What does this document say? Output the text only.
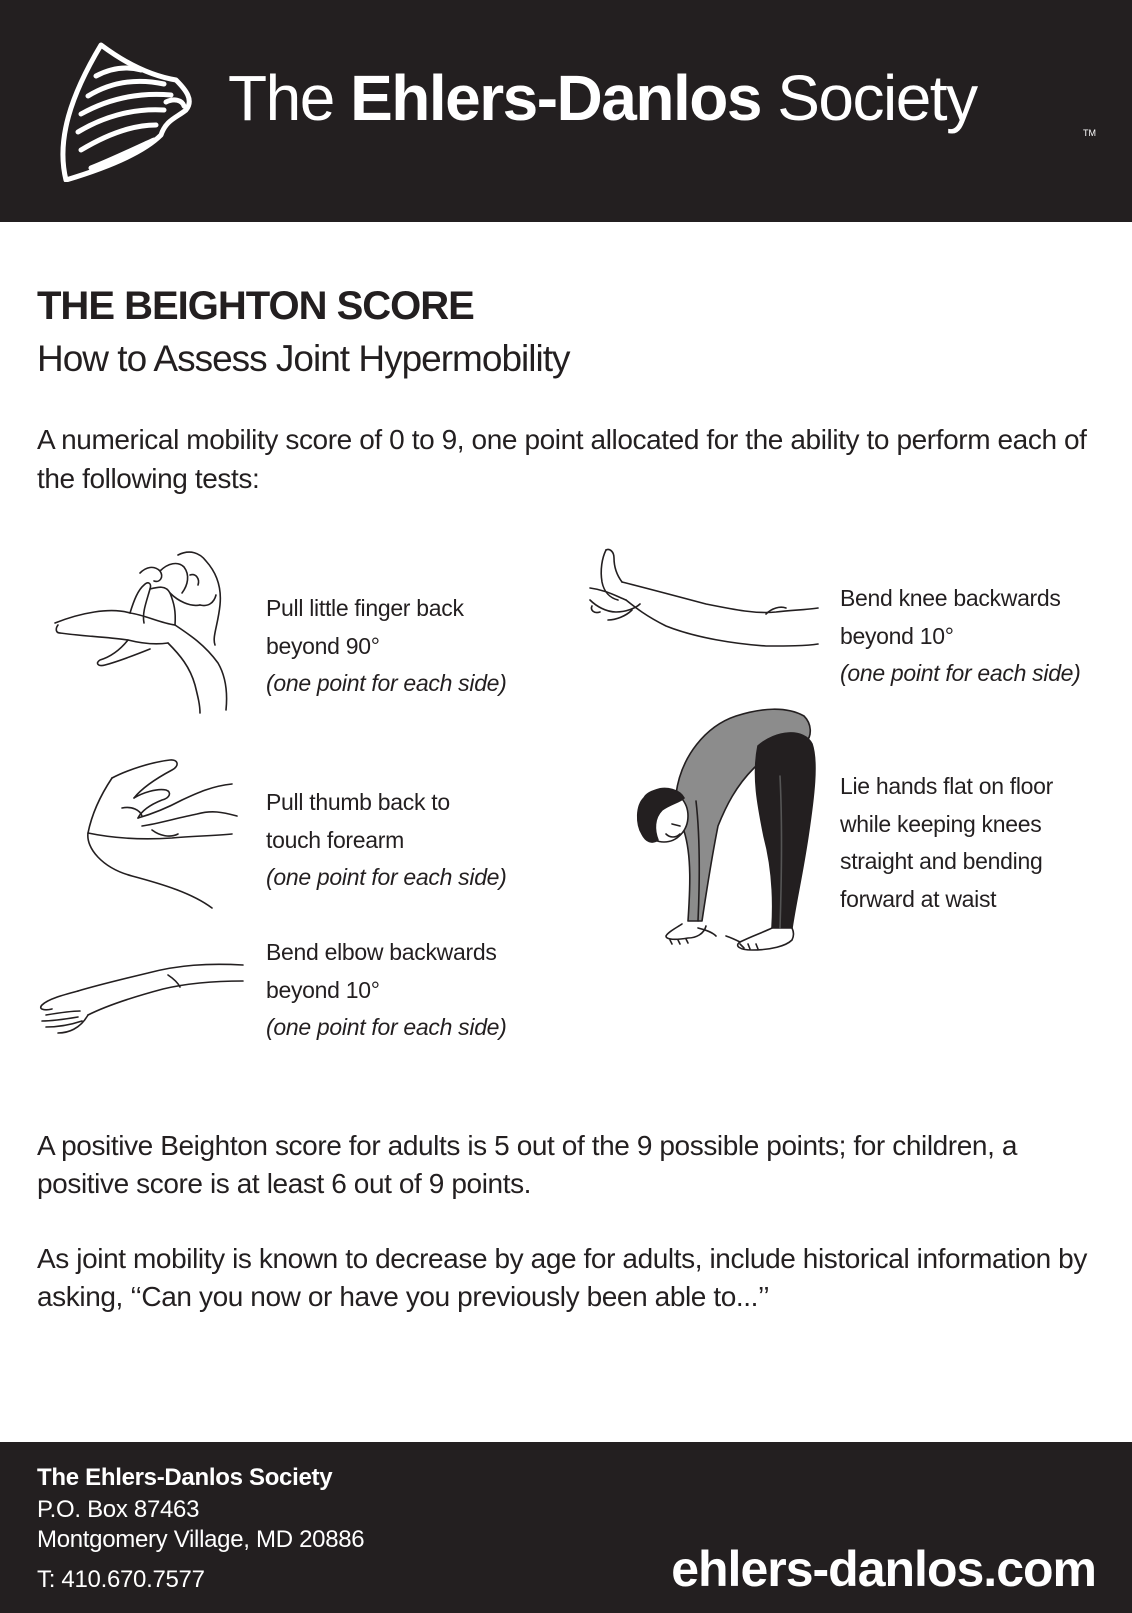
The Ehlers-Danlos Society	TM
THE BEIGHTON SCORE
How to Assess Joint Hypermobility
A numerical mobility score of 0 to 9, one point allocated for the ability to perform each of the following tests:
Pull little finger back
beyond 90°
(one point for each side)
Pull thumb back to
touch forearm
(one point for each side)
Bend elbow backwards
beyond 10°
(one point for each side)
Bend knee backwards
beyond 10°
(one point for each side)
Lie hands flat on floor
while keeping knees
straight and bending
forward at waist
A positive Beighton score for adults is 5 out of the 9 possible points; for children, a positive score is at least 6 out of 9 points.
As joint mobility is known to decrease by age for adults, include historical information by asking, ‘‘Can you now or have you previously been able to...’’
The Ehlers-Danlos Society
P.O. Box 87463
Montgomery Village, MD 20886
T: 410.670.7577	ehlers-danlos.com
